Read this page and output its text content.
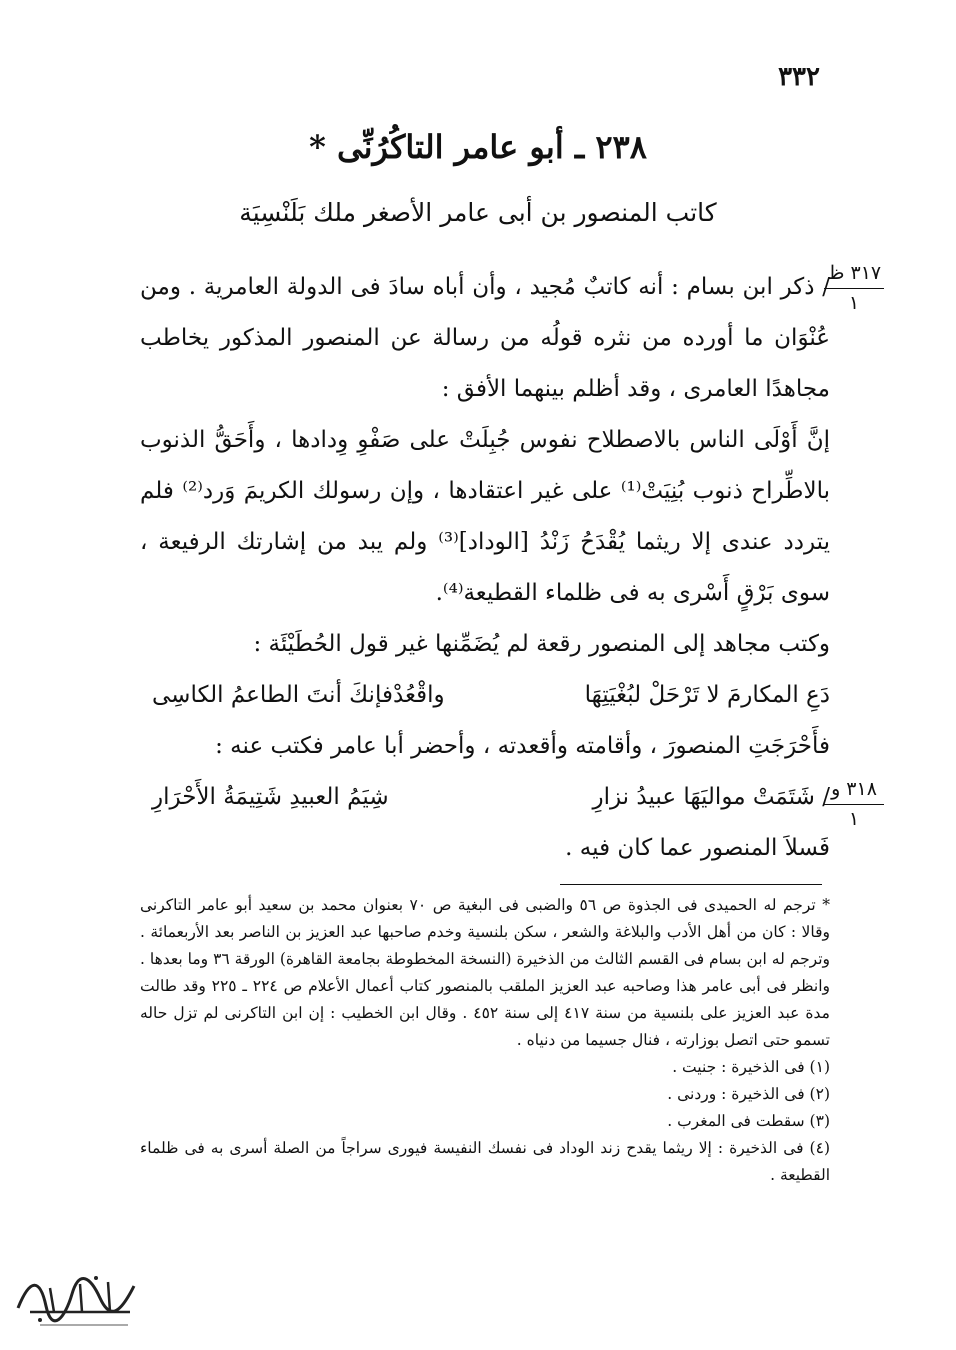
٣٣٢
٢٣٨ ـ أبو عامر التاكُرُنِّى *
كاتب المنصور بن أبى عامر الأصغر ملك بَلَنْسِيَة
٣١٧ ظ
١
٣١٨ و
١

/ ذكر ابن بسام : أنه كاتبٌ مُجيد ، وأن أباه سادَ فى الدولة العامرية . ومن عُنْوَان ما أورده من نثره قولُه من رسالة عن المنصور المذكور يخاطب مجاهدًا العامرى ، وقد أظلم بينهما الأفق :

إنَّ أَوْلَى الناس بالاصطلاح نفوس جُبِلَتْ على صَفْوِ وِدادها ، وأَحَقُّ الذنوب بالاطِّراح ذنوب بُنِيَتْ⁽¹⁾ على غير اعتقادها ، وإن رسولك الكريمَ وَرد⁽²⁾ فلم يتردد عندى إلا ريثما يُقْدَحُ زَنْدُ [الوداد]⁽³⁾ ولم يبد من إشارتك الرفيعة ، سوى بَرْقٍ أَسْرى به فى ظلماء القطيعة⁽⁴⁾.

وكتب مجاهد إلى المنصور رقعة لم يُضَمِّنها غير قول الحُطَيْئَة :

دَعِ المكارمَ لا تَرْحَلْ لبُغْيَتِهَا
واقْعُدْفإنكَ أنتَ الطاعمُ الكاسِى

فأَحْرَجَتِ المنصورَ ، وأقامته وأقعدته ، وأحضر أبا عامر فكتب عنه :

/ شَتَمَتْ مواليَهَا عبيدُ نزارِ
شِيَمُ العبيدِ شَتِيمَةُ الأَحْرَارِ

فَسلاَ المنصور عما كان فيه .

* ترجم له الحميدى فى الجذوة ص ٥٦ والضبى فى البغية ص ٧٠ بعنوان محمد بن سعيد أبو عامر التاكرنى وقالا : كان من أهل الأدب والبلاغة والشعر ، سكن بلنسية وخدم صاحبها عبد العزيز بن الناصر بعد الأربعمائة . وترجم له ابن بسام فى القسم الثالث من الذخيرة (النسخة المخطوطة بجامعة القاهرة) الورقة ٣٦ وما بعدها . وانظر فى أبى عامر هذا وصاحبه عبد العزيز الملقب بالمنصور كتاب أعمال الأعلام ص ٢٢٤ ـ ٢٢٥ وقد طالت مدة عبد العزيز على بلنسية من سنة ٤١٧ إلى سنة ٤٥٢ . وقال ابن الخطيب : إن ابن التاكرنى لم تزل حاله تسمو حتى اتصل بوزارته ، فنال جسيما من دنياه .

(١) فى الذخيرة : جنيت .

(٢) فى الذخيرة : وردنى .

(٣) سقطت فى المغرب .

(٤) فى الذخيرة : إلا ريثما يقدح زند الوداد فى نفسك النفيسة فيورى سراجاً من الصلة أسرى به فى ظلماء القطيعة .
